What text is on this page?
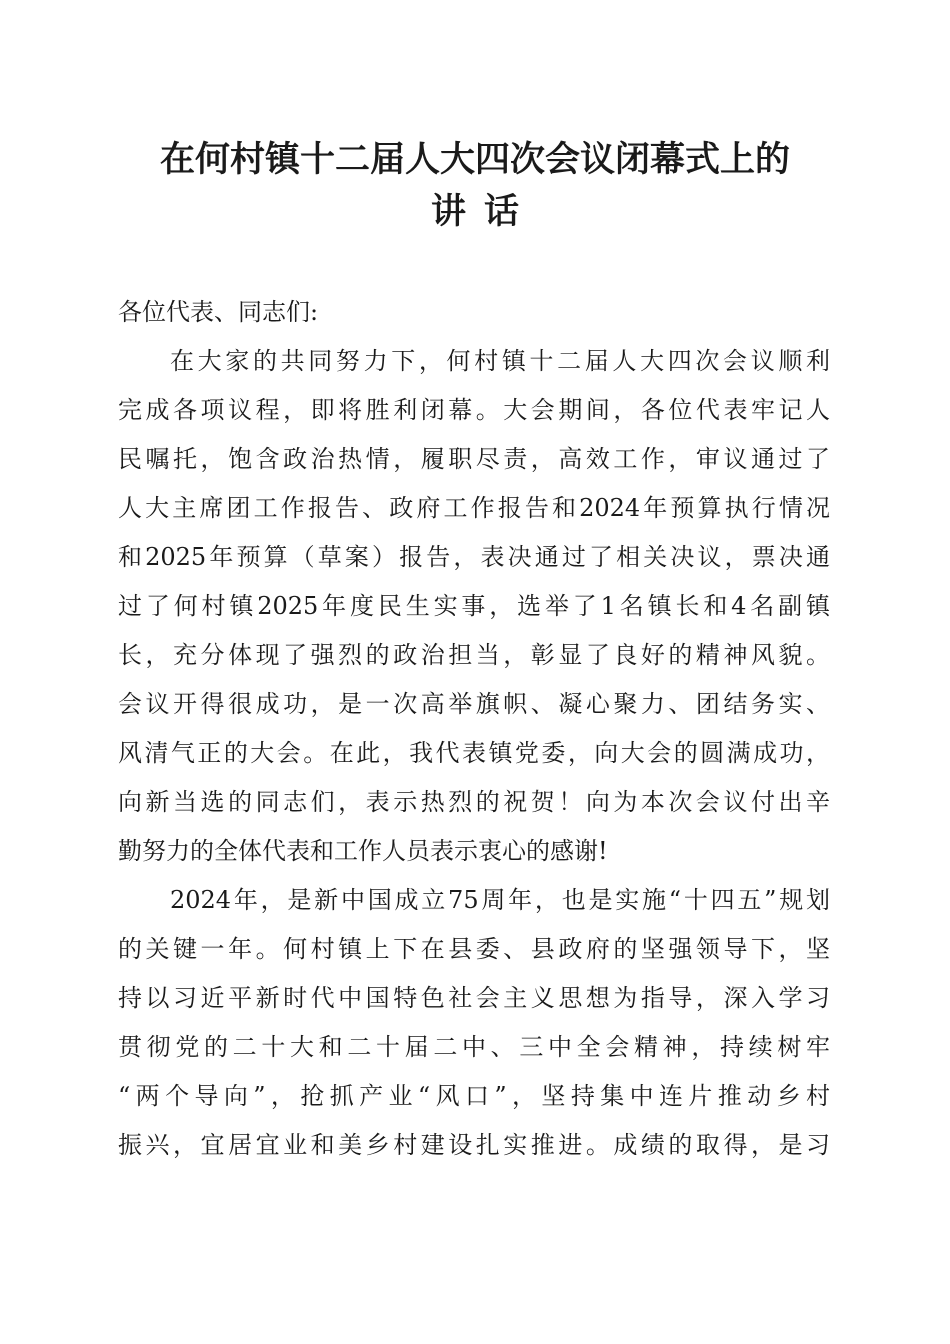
在何村镇十二届人大四次会议闭幕式上的
讲话

各位代表、同志们:

在大家的共同努力下，何村镇十二届人大四次会议顺利

完成各项议程，即将胜利闭幕。大会期间，各位代表牢记人

民嘱托，饱含政治热情，履职尽责，高效工作，审议通过了

人大主席团工作报告、政府工作报告和2024年预算执行情况

和2025年预算（草案）报告，表决通过了相关决议，票决通

过了何村镇2025年度民生实事，选举了1名镇长和4名副镇

长，充分体现了强烈的政治担当，彰显了良好的精神风貌。

会议开得很成功，是一次高举旗帜、凝心聚力、团结务实、

风清气正的大会。在此，我代表镇党委，向大会的圆满成功，

向新当选的同志们，表示热烈的祝贺！向为本次会议付出辛

勤努力的全体代表和工作人员表示衷心的感谢!

2024年，是新中国成立75周年，也是实施“十四五”规划

的关键一年。何村镇上下在县委、县政府的坚强领导下，坚

持以习近平新时代中国特色社会主义思想为指导，深入学习

贯彻党的二十大和二十届二中、三中全会精神，持续树牢

“两个导向”，抢抓产业“风口”，坚持集中连片推动乡村

振兴，宜居宜业和美乡村建设扎实推进。成绩的取得，是习
